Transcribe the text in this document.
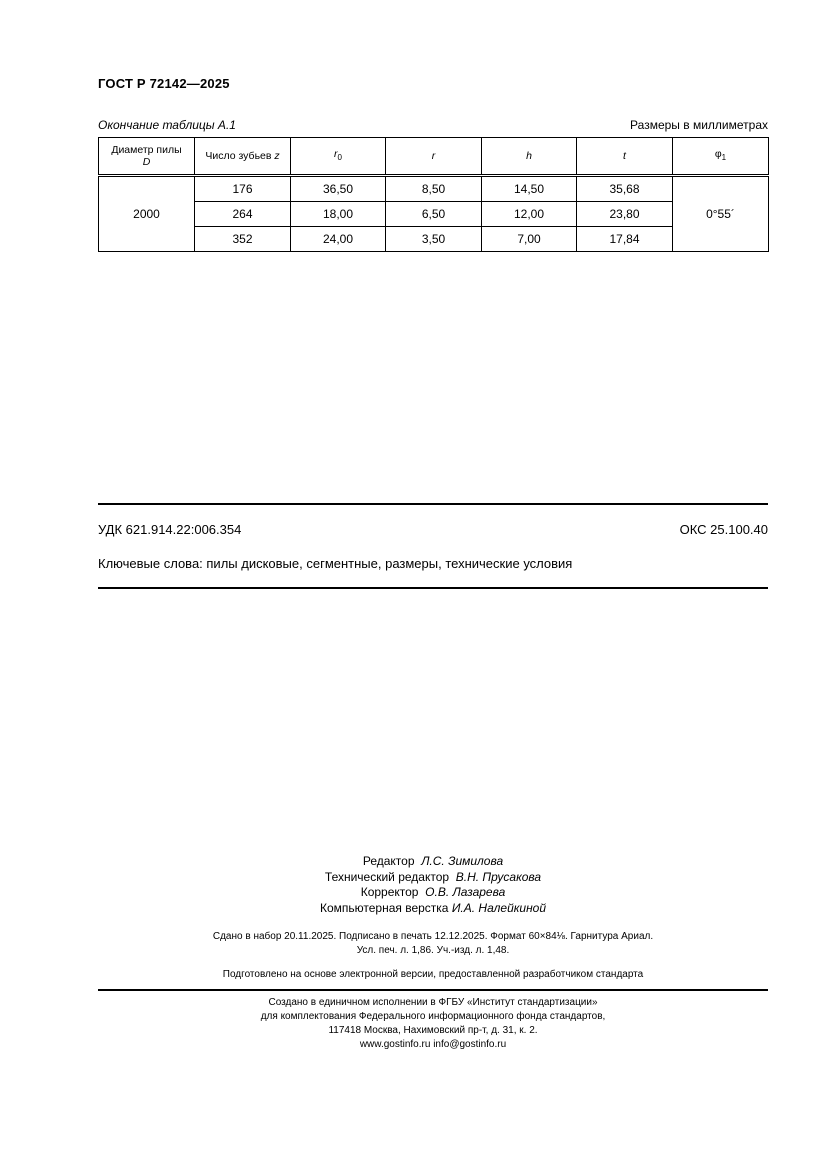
ГОСТ Р 72142—2025
Окончание таблицы А.1	Размеры в миллиметрах
Диаметр пилы
D	Число зубьев z	$r_0$	r	h	t	$\varphi_1$
2000	176	36,50	8,50	14,50	35,68	0°55´
	264	18,00	6,50	12,00	23,80	
	352	24,00	3,50	7,00	17,84	
УДК 621.914.22:006.354	ОКС 25.100.40
Ключевые слова: пилы дисковые, сегментные, размеры, технические условия
Редактор Л.С. Зимилова
Технический редактор В.Н. Прусакова
Корректор О.В. Лазарева
Компьютерная верстка И.А. Налейкиной
Сдано в набор 20.11.2025. Подписано в печать 12.12.2025. Формат 60×84⅛. Гарнитура Ариал.
Усл. печ. л. 1,86. Уч.-изд. л. 1,48.
Подготовлено на основе электронной версии, предоставленной разработчиком стандарта
Создано в единичном исполнении в ФГБУ «Институт стандартизации»
для комплектования Федерального информационного фонда стандартов,
117418 Москва, Нахимовский пр-т, д. 31, к. 2.
www.gostinfo.ru info@gostinfo.ru
